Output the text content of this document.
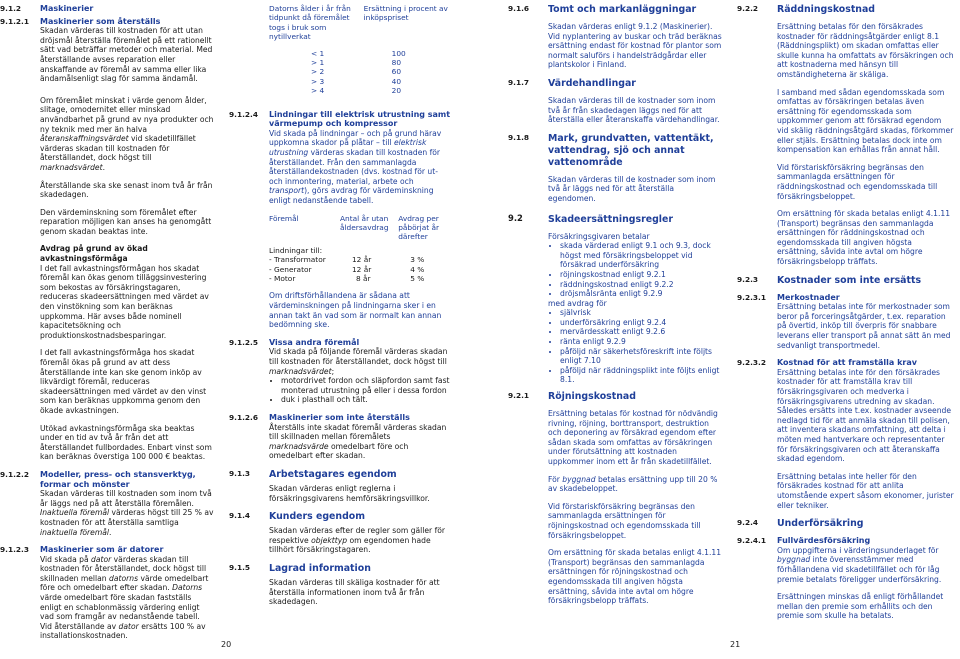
9.1.2 Maskinerier
9.1.2.1 Maskinerier som återställs

Skadan värderas till kostnaden för att utan dröjsmål återställa föremålet på ett rationellt sätt vad beträffar metoder och material. Med återställande avses reparation eller anskaffande av föremål av samma eller lika ändamålsenligt slag för samma ändamål.

Om föremålet minskat i värde genom ålder, slitage, omodernitet eller minskad användbarhet på grund av nya produkter och ny teknik med mer än halva återanskaffningsvärdet vid skadetillfället värderas skadan till kostnaden för återställandet, dock högst till marknadsvärdet.

Återställande ska ske senast inom två år från skadedagen.

Den värdeminskning som föremålet efter reparation möjligen kan anses ha genomgått genom skadan beaktas inte.

Avdrag på grund av ökad avkastningsförmåga

I det fall avkastningsförmågan hos skadat föremål kan ökas genom tilläggsinvestering som bekostas av försäkringstagaren, reduceras skadeersättningen med värdet av den vinstökning som kan beräknas uppkomma. Här avses både nominell kapacitetsökning och produktionskostnadsbesparingar.

I det fall avkastningsförmåga hos skadat föremål ökas på grund av att dess återställande inte kan ske genom inköp av likvärdigt föremål, reduceras skadeersättningen med värdet av den vinst som kan beräknas uppkomma genom den ökade avkastningen.

Utökad avkastningsförmåga ska beaktas under en tid av två år från det att återställandet fullbordades. Enbart vinst som kan beräknas överstiga 100 000 € beaktas.

9.1.2.2 Modeller, press- och stansverktyg, formar och mönster

Skadan värderas till kostnaden som inom två år läggs ned på att återställa föremålen. Inaktuella föremål värderas högst till 25 % av kostnaden för att återställa samtliga inaktuella föremål.

9.1.2.3 Maskinerier som är datorer

Vid skada på dator värderas skadan till kostnaden för återställandet, dock högst till skillnaden mellan datorns värde omedelbart före och omedelbart efter skadan. Datorns värde omedelbart före skadan fastställs enligt en schablonmässig värdering enligt vad som framgår av nedanstående tabell. Vid återställande av dator ersätts 100 % av installationskostnaden.

Datorns ålder i år från tidpunkt då föremålet togs i bruk som nytillverkat	Ersättning i procent av inköpspriset

< 1	100
> 1	80
> 2	60
> 3	40
> 4	20
9.1.2.4 Lindningar till elektrisk utrustning samt värmepump och kompressor

Vid skada på lindningar – och på grund härav uppkomna skador på plåtar – till elektrisk utrustning värderas skadan till kostnaden för återställandet. Från den sammanlagda återställandekostnaden (dvs. kostnad för ut- och inmontering, material, arbete och transport), görs avdrag för värdeminskning enligt nedanstående tabell.

Föremål	Antal år utan åldersavdrag	Avdrag per påbörjat år därefter

Lindningar till:		
- Transformator	12 år	3 %
- Generator	12 år	4 %
- Motor	8 år	5 %

Om driftsförhållandena är sådana att värdeminskningen på lindningarna sker i en annan takt än vad som är normalt kan annan bedömning ske.

9.1.2.5 Vissa andra föremål
Vid skada på följande föremål värderas skadan till kostnaden för återställandet, dock högst till marknadsvärdet;
• motordrivet fordon och släpfordon samt fast monterad utrustning på eller i dessa fordon
• duk i plasthall och tält.
9.1.2.6 Maskinerier som inte återställs

Återställs inte skadat föremål värderas skadan till skillnaden mellan föremålets marknadsvärde omedelbart före och omedelbart efter skadan.

9.1.3 Arbetstagares egendom

Skadan värderas enligt reglerna i försäkringsgivarens hemförsäkringsvillkor.

9.1.4 Kunders egendom

Skadan värderas efter de regler som gäller för respektive objekttyp om egendomen hade tillhört försäkringstagaren.

9.1.5 Lagrad information

Skadan värderas till skäliga kostnader för att återställa informationen inom två år från skadedagen.

20
9.1.6 Tomt och markanläggningar

Skadan värderas enligt 9.1.2 (Maskinerier). Vid nyplantering av buskar och träd beräknas ersättning endast för kostnad för plantor som normalt saluförs i handelsträdgårdar eller plantskolor i Finland.

9.1.7 Värdehandlingar

Skadan värderas till de kostnader som inom två år från skadedagen läggs ned för att återställa eller återanskaffa värdehandlingar.

9.1.8 Mark, grundvatten, vattentäkt, vattendrag, sjö och annat vattenområde

Skadan värderas till de kostnader som inom två år läggs ned för att återställa egendomen.

9.2	Skadeersättningsregler
Försäkringsgivaren betalar
• skada värderad enligt 9.1 och 9.3, dock högst med försäkringsbeloppet vid försäkrad underförsäkring
• röjningskostnad enligt 9.2.1
• räddningskostnad enligt 9.2.2
• dröjsmålsränta enligt 9.2.9
med avdrag för
• självrisk
• underförsäkring enligt 9.2.4
• mervärdesskatt enligt 9.2.6
• ränta enligt 9.2.9
• påföljd när säkerhetsföreskrift inte följts enligt 7.10
• påföljd när räddningsplikt inte följts enligt 8.1.
9.2.1 Röjningskostnad

Ersättning betalas för kostnad för nödvändig rivning, röjning, borttransport, destruktion och deponering av försäkrad egendom efter sådan skada som omfattas av försäkringen under förutsättning att kostnaden uppkommer inom ett år från skadetillfället.

För byggnad betalas ersättning upp till 20 % av skadebeloppet.

Vid förstariskförsäkring begränsas den sammanlagda ersättningen för röjningskostnad och egendomsskada till försäkringsbeloppet.

Om ersättning för skada betalas enligt 4.1.11 (Transport) begränsas den sammanlagda ersättningen för röjningskostnad och egendomsskada till angiven högsta ersättning, såvida inte avtal om högre försäkringsbelopp träffats.

21
9.2.2 Räddningskostnad

Ersättning betalas för den försäkrades kostnader för räddningsåtgärder enligt 8.1 (Räddningsplikt) om skadan omfattas eller skulle kunna ha omfattats av försäkringen och att kostnaderna med hänsyn till omständigheterna är skäliga.

I samband med sådan egendomsskada som omfattas av försäkringen betalas även ersättning för egendomsskada som uppkommer genom att försäkrad egendom vid skälig räddningsåtgärd skadas, förkommer eller stjäls. Ersättning betalas dock inte om kompensation kan erhållas från annat håll.

Vid förstariskförsäkring begränsas den sammanlagda ersättningen för räddningskostnad och egendomsskada till försäkringsbeloppet.

Om ersättning för skada betalas enligt 4.1.11 (Transport) begränsas den sammanlagda ersättningen för räddningskostnad och egendomsskada till angiven högsta ersättning, såvida inte avtal om högre försäkringsbelopp träffats.

9.2.3 Kostnader som inte ersätts
9.2.3.1 Merkostnader

Ersättning betalas inte för merkostnader som beror på forceringsåtgärder, t.ex. reparation på övertid, inköp till överpris för snabbare leverans eller transport på annat sätt än med sedvanligt transportmedel.

9.2.3.2 Kostnad för att framställa krav

Ersättning betalas inte för den försäkrades kostnader för att framställa krav till försäkringsgivaren och medverka i försäkringsgivarens utredning av skadan. Således ersätts inte t.ex. kostnader avseende nedlagd tid för att anmäla skadan till polisen, att inventera skadans omfattning, att delta i möten med hantverkare och representanter för försäkringsgivaren och att återanskaffa skadad egendom.

Ersättning betalas inte heller för den försäkrades kostnad för att anlita utomstående expert såsom ekonomer, jurister eller tekniker.

9.2.4 Underförsäkring
9.2.4.1 Fullvärdesförsäkring

Om uppgifterna i värderingsunderlaget för byggnad inte överensstämmer med förhållandena vid skadetillfället och för låg premie betalats föreligger underförsäkring.

Ersättningen minskas då enligt förhållandet mellan den premie som erhållits och den premie som skulle ha betalats.
